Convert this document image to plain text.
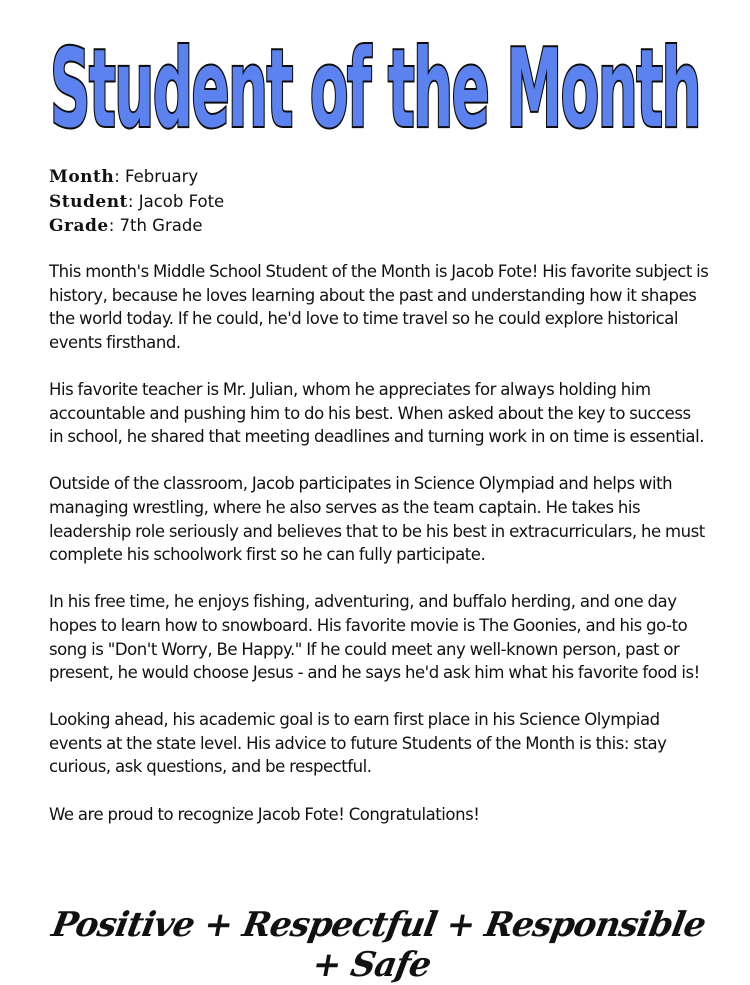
Student of the Month
Month: February
Student: Jacob Fote
Grade: 7th Grade

This month's Middle School Student of the Month is Jacob Fote! His favorite subject is history, because he loves learning about the past and understanding how it shapes the world today. If he could, he'd love to time travel so he could explore historical events firsthand.

His favorite teacher is Mr. Julian, whom he appreciates for always holding him accountable and pushing him to do his best. When asked about the key to success in school, he shared that meeting deadlines and turning work in on time is essential.

Outside of the classroom, Jacob participates in Science Olympiad and helps with managing wrestling, where he also serves as the team captain. He takes his leadership role seriously and believes that to be his best in extracurriculars, he must complete his schoolwork first so he can fully participate.

In his free time, he enjoys fishing, adventuring, and buffalo herding, and one day hopes to learn how to snowboard. His favorite movie is The Goonies, and his go-to song is "Don't Worry, Be Happy." If he could meet any well-known person, past or present, he would choose Jesus - and he says he'd ask him what his favorite food is!

Looking ahead, his academic goal is to earn first place in his Science Olympiad events at the state level. His advice to future Students of the Month is this: stay curious, ask questions, and be respectful.

We are proud to recognize Jacob Fote! Congratulations!

Positive + Respectful + Responsible + Safe
